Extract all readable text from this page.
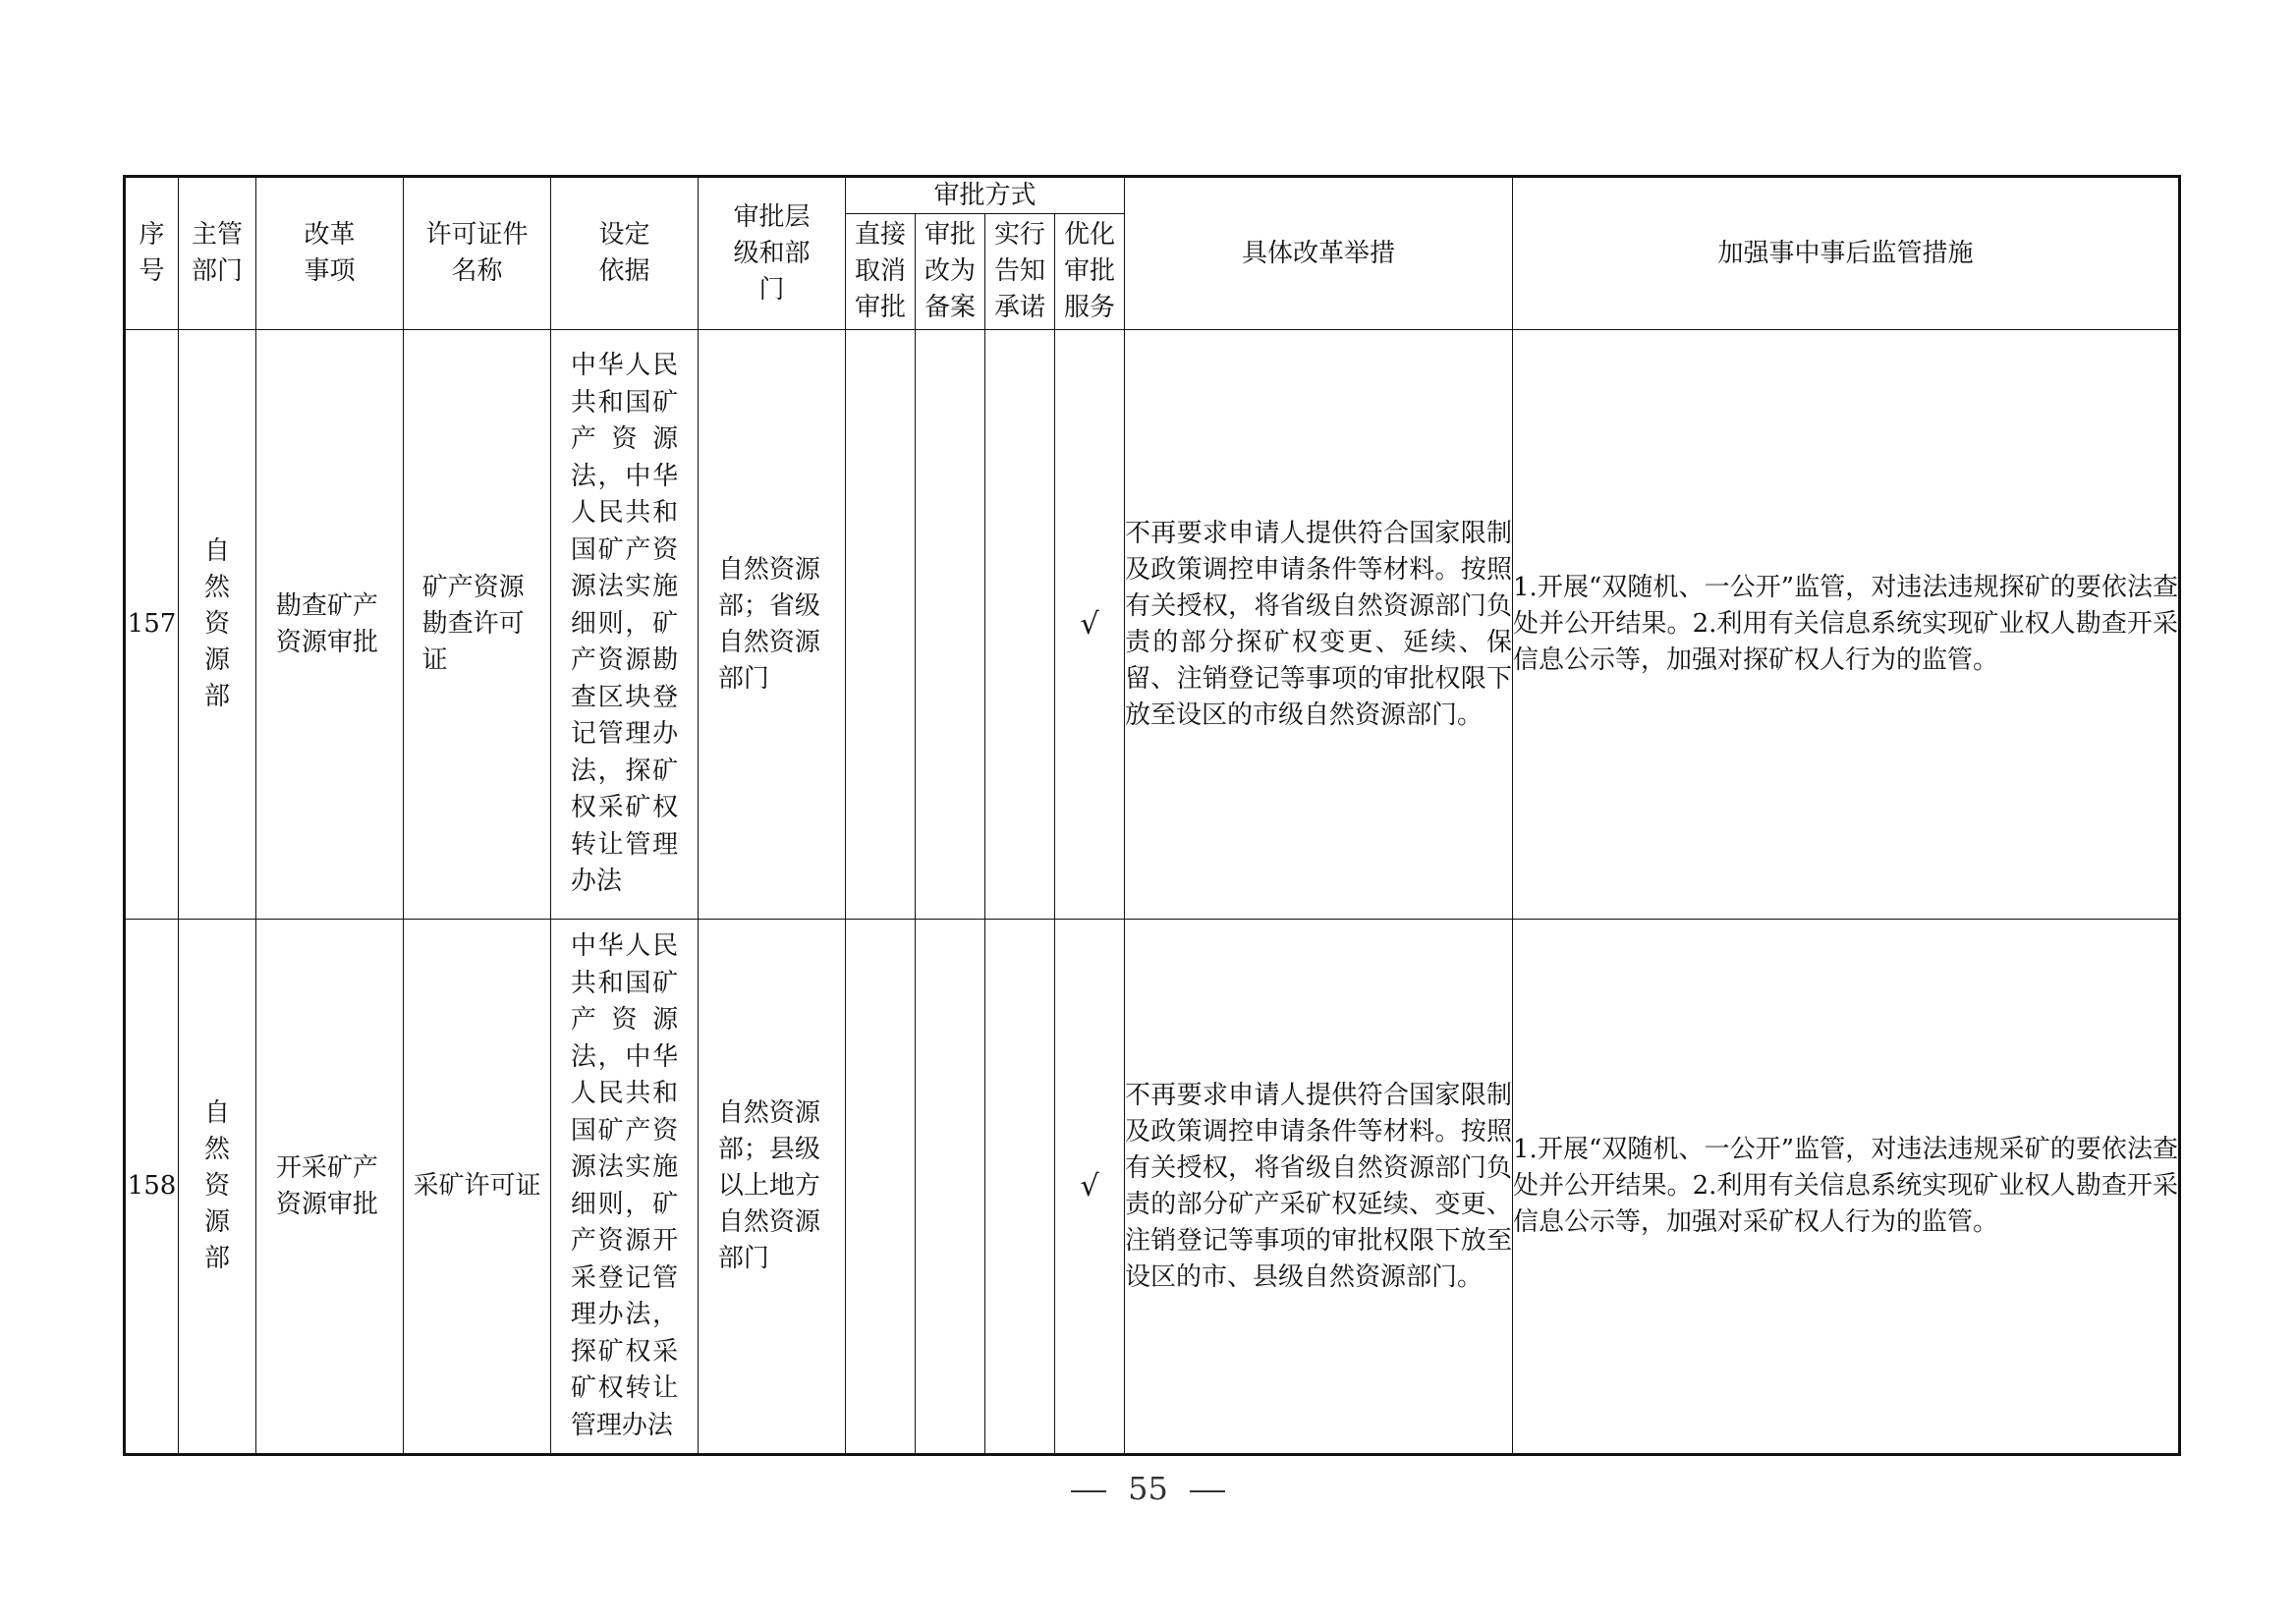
序号	主管部门	改革事项	许可证件名称	设定依据	审批层级和部门	审批方式				具体改革举措	加强事中事后监管措施

						直接取消审批	审批改为备案	实行告知承诺	优化审批服务		

157	自然资源部	勘查矿产资源审批	矿产资源勘查许可证	中华人民共和国矿产资源法，中华人民共和国矿产资源法实施细则，矿产资源勘查区块登记管理办法，探矿权采矿权转让管理办法	自然资源部；省级自然资源部门				√	不再要求申请人提供符合国家限制及政策调控申请条件等材料。按照有关授权，将省级自然资源部门负责的部分探矿权变更、延续、保留、注销登记等事项的审批权限下放至设区的市级自然资源部门。	1.开展“双随机、一公开”监管，对违法违规探矿的要依法查处并公开结果。2.利用有关信息系统实现矿业权人勘查开采信息公示等，加强对探矿权人行为的监管。

158	自然资源部	开采矿产资源审批	采矿许可证	中华人民共和国矿产资源法，中华人民共和国矿产资源法实施细则，矿产资源开采登记管理办法，探矿权采矿权转让管理办法	自然资源部；县级以上地方自然资源部门				√	不再要求申请人提供符合国家限制及政策调控申请条件等材料。按照有关授权，将省级自然资源部门负责的部分矿产采矿权延续、变更、注销登记等事项的审批权限下放至设区的市、县级自然资源部门。	1.开展“双随机、一公开”监管，对违法违规采矿的要依法查处并公开结果。2.利用有关信息系统实现矿业权人勘查开采信息公示等，加强对采矿权人行为的监管。
55
